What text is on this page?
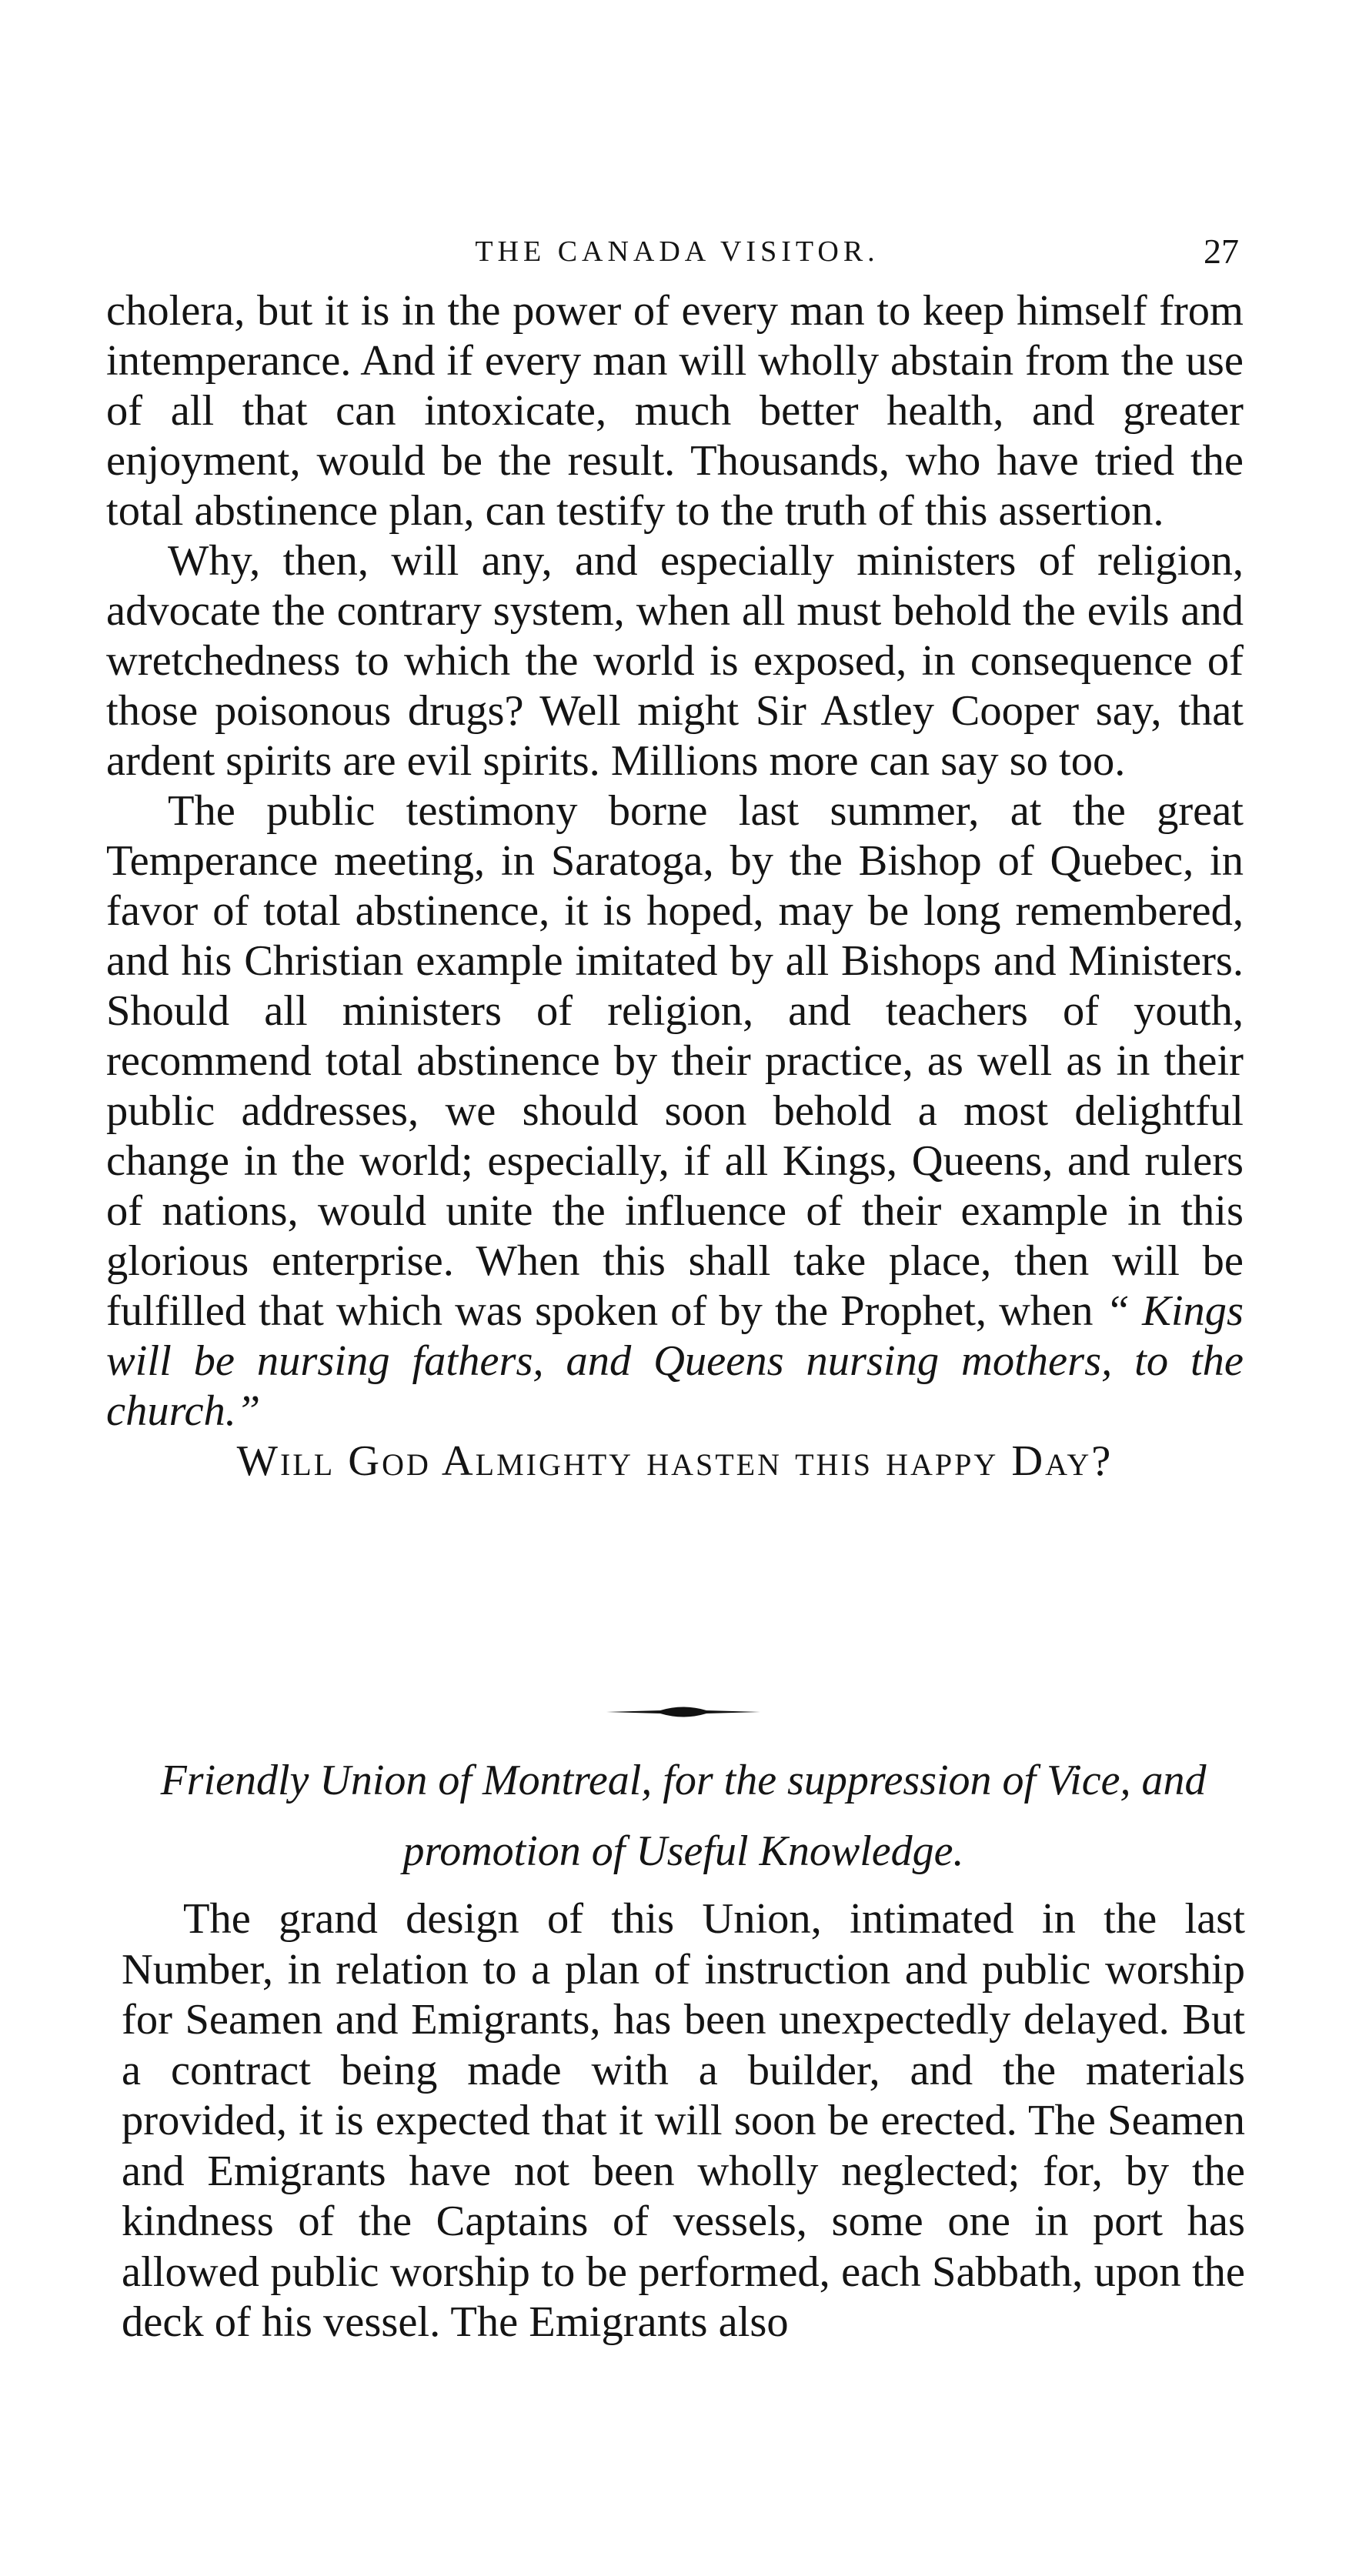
THE CANADA VISITOR.	27

cholera, but it is in the power of every man to keep himself from intemperance. And if every man will wholly abstain from the use of all that can intoxicate, much better health, and greater enjoyment, would be the result. Thousands, who have tried the total abstinence plan, can testify to the truth of this assertion.

Why, then, will any, and especially ministers of religion, advocate the contrary system, when all must behold the evils and wretchedness to which the world is exposed, in consequence of those poisonous drugs? Well might Sir Astley Cooper say, that ardent spirits are evil spirits. Millions more can say so too.

The public testimony borne last summer, at the great Temperance meeting, in Saratoga, by the Bishop of Quebec, in favor of total abstinence, it is hoped, may be long remembered, and his Christian example imitated by all Bishops and Ministers. Should all ministers of religion, and teachers of youth, recommend total abstinence by their practice, as well as in their public addresses, we should soon behold a most delightful change in the world; especially, if all Kings, Queens, and rulers of nations, would unite the influence of their example in this glorious enterprise. When this shall take place, then will be fulfilled that which was spoken of by the Prophet, when “ Kings will be nursing fathers, and Queens nursing mothers, to the church.”

Will God Almighty hasten this happy Day?

Friendly Union of Montreal, for the suppression of Vice, and promotion of Useful Knowledge.

The grand design of this Union, intimated in the last Number, in relation to a plan of instruction and public worship for Seamen and Emigrants, has been unexpectedly delayed. But a contract being made with a builder, and the materials provided, it is expected that it will soon be erected. The Seamen and Emigrants have not been wholly neglected; for, by the kindness of the Captains of vessels, some one in port has allowed public worship to be performed, each Sabbath, upon the deck of his vessel. The Emigrants also
